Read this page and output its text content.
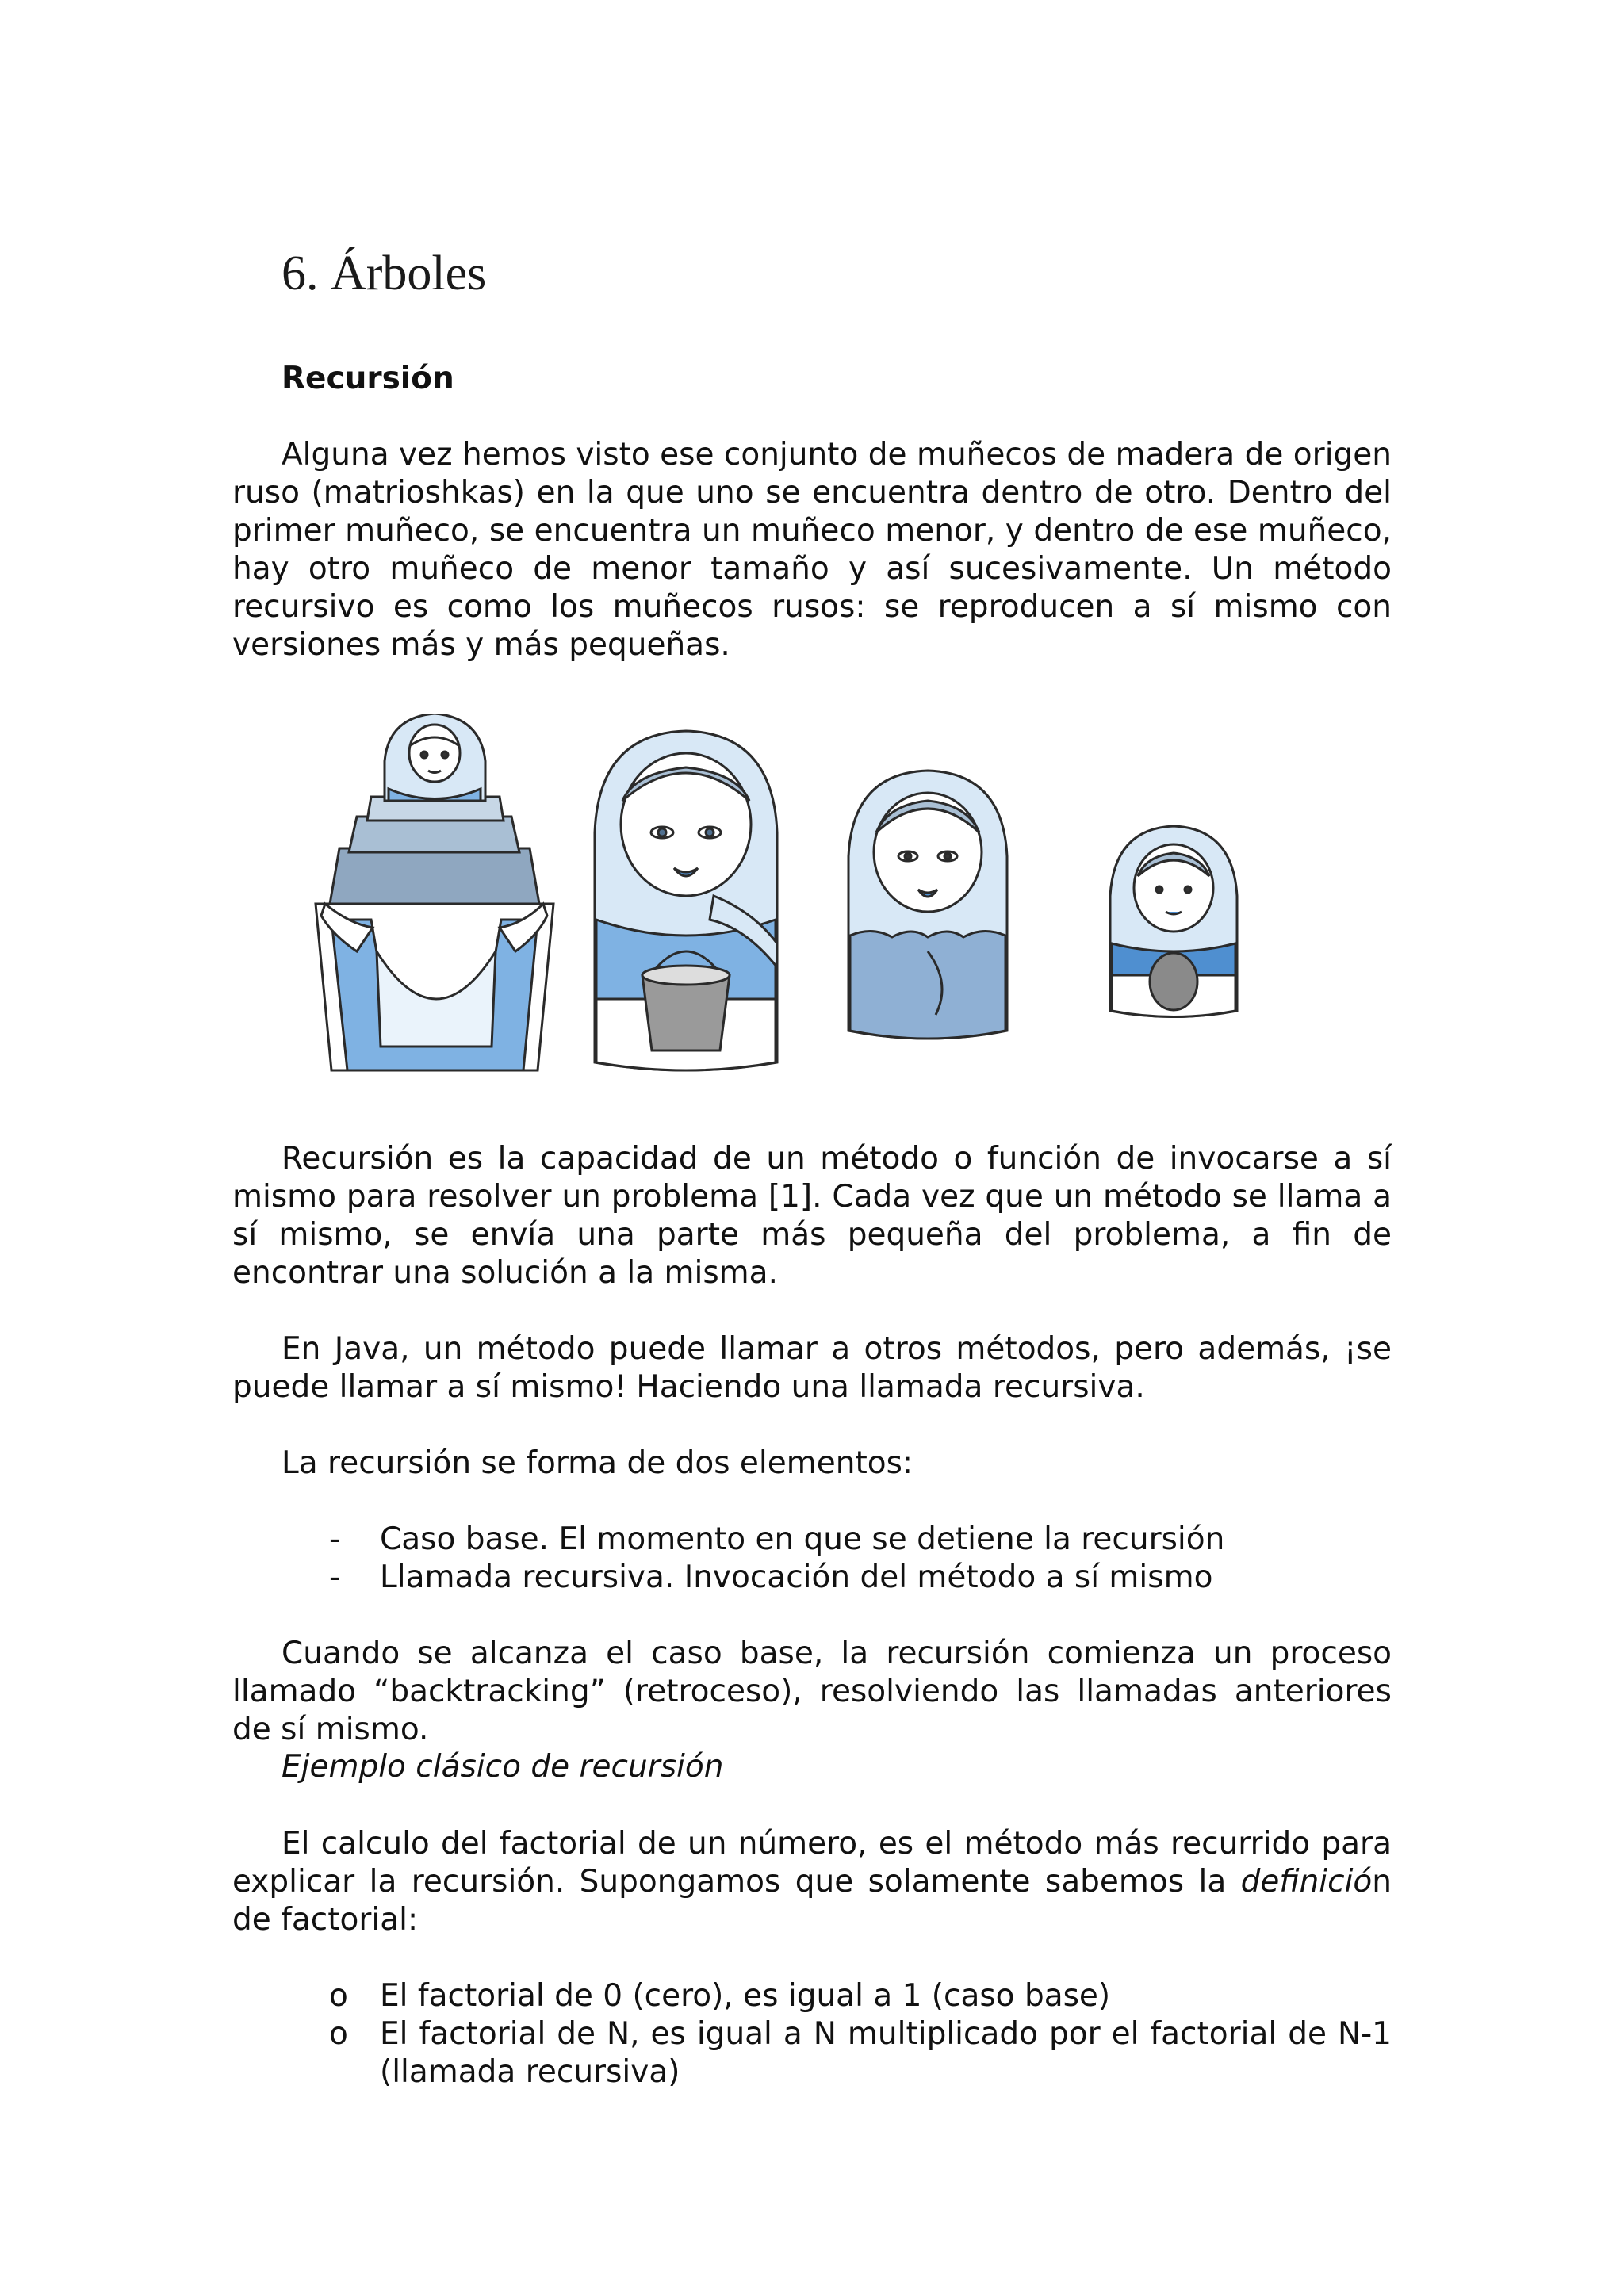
6. Árboles
Recursión

Alguna vez hemos visto ese conjunto de muñecos de madera de origen ruso (matrioshkas) en la que uno se encuentra dentro de otro. Dentro del primer muñeco, se encuentra un muñeco menor, y dentro de ese muñeco, hay otro muñeco de menor tamaño y así sucesivamente. Un método recursivo es como los muñecos rusos: se reproducen a sí mismo con versiones más y más pequeñas.

Recursión es la capacidad de un método o función de invocarse a sí mismo para resolver un problema [1]. Cada vez que un método se llama a sí mismo, se envía una parte más pequeña del problema, a fin de encontrar una solución a la misma.

En Java, un método puede llamar a otros métodos, pero además, ¡se puede llamar a sí mismo! Haciendo una llamada recursiva.

La recursión se forma de dos elementos:

-	Caso base. El momento en que se detiene la recursión
-	Llamada recursiva. Invocación del método a sí mismo

Cuando se alcanza el caso base, la recursión comienza un proceso llamado “backtracking” (retroceso), resolviendo las llamadas anteriores de sí mismo.

Ejemplo clásico de recursión

El calculo del factorial de un número, es el método más recurrido para explicar la recursión. Supongamos que solamente sabemos la definición de factorial:

o	El factorial de 0 (cero), es igual a 1 (caso base)
o	El factorial de N, es igual a N multiplicado por el factorial de N-1 (llamada recursiva)
